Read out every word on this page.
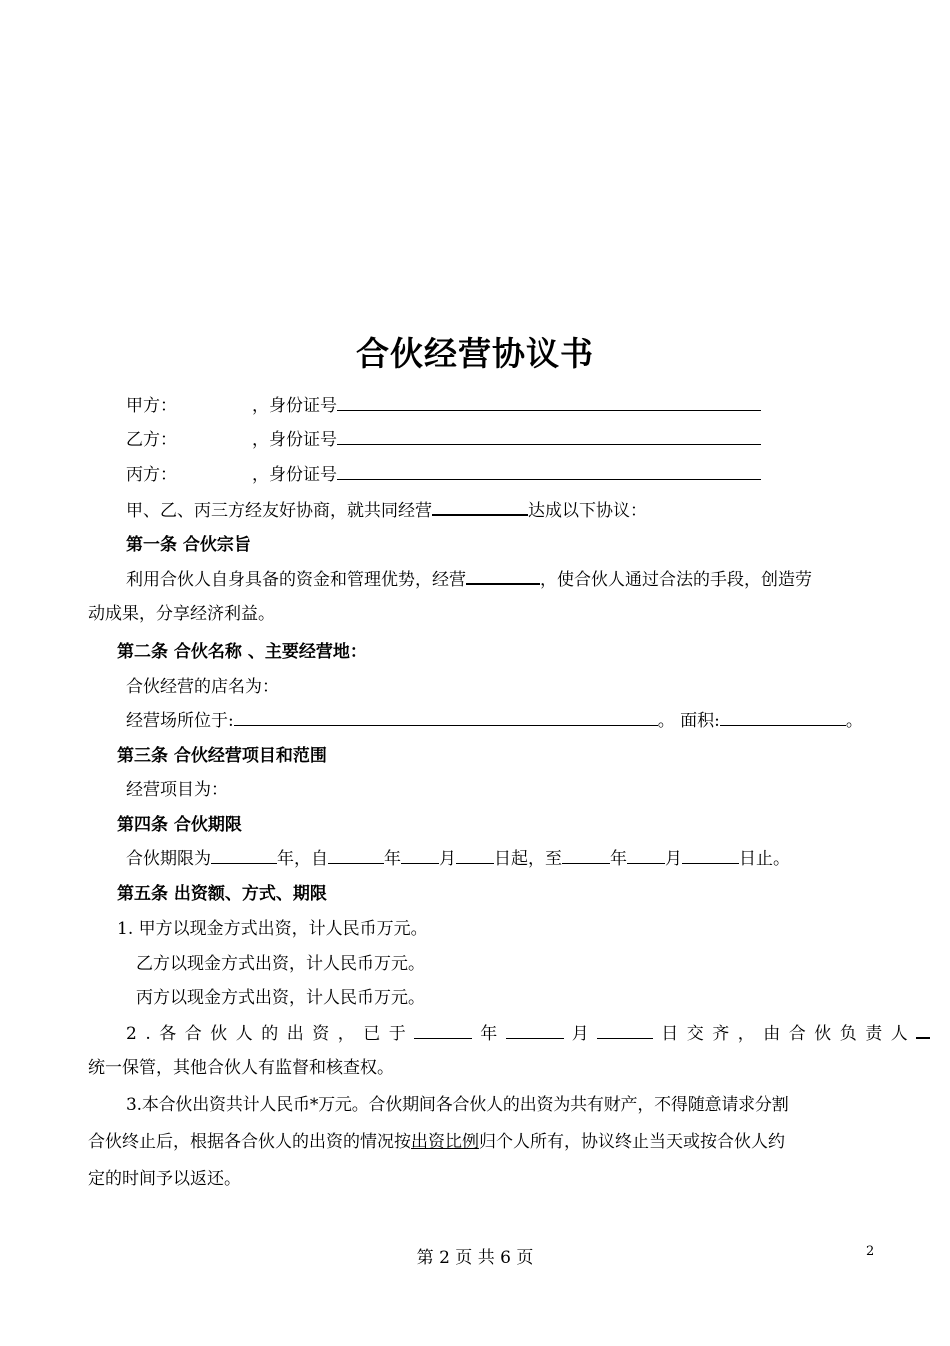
合伙经营协议书
甲方：	，身份证号
乙方：	，身份证号
丙方：	，身份证号
甲、乙、丙三方经友好协商，就共同经营	达成以下协议：
第一条 合伙宗旨
利用合伙人自身具备的资金和管理优势，经营	，使合伙人通过合法的手段，创造劳
动成果，分享经济利益。
第二条 合伙名称 、主要经营地：
合伙经营的店名为：
经营场所位于:	。 面积:	。
第三条 合伙经营项目和范围
经营项目为：
第四条 合伙期限
合伙期限为	年，自	年 月 日起，至	年 月	日止。
第五条 出资额、方式、期限
1. 甲方以现金方式出资，计人民币万元。
乙方以现金方式出资，计人民币万元。
丙方以现金方式出资，计人民币万元。
2.各合伙人的出资，已于	年	月	日交齐，由合伙负责人
统一保管，其他合伙人有监督和核查权。
3.本合伙出资共计人民币*万元。合伙期间各合伙人的出资为共有财产，不得随意请求分割
合伙终止后，根据各合伙人的出资的情况按出资比例归个人所有，协议终止当天或按合伙人约
定的时间予以返还。
第 2 页 共 6 页	2
